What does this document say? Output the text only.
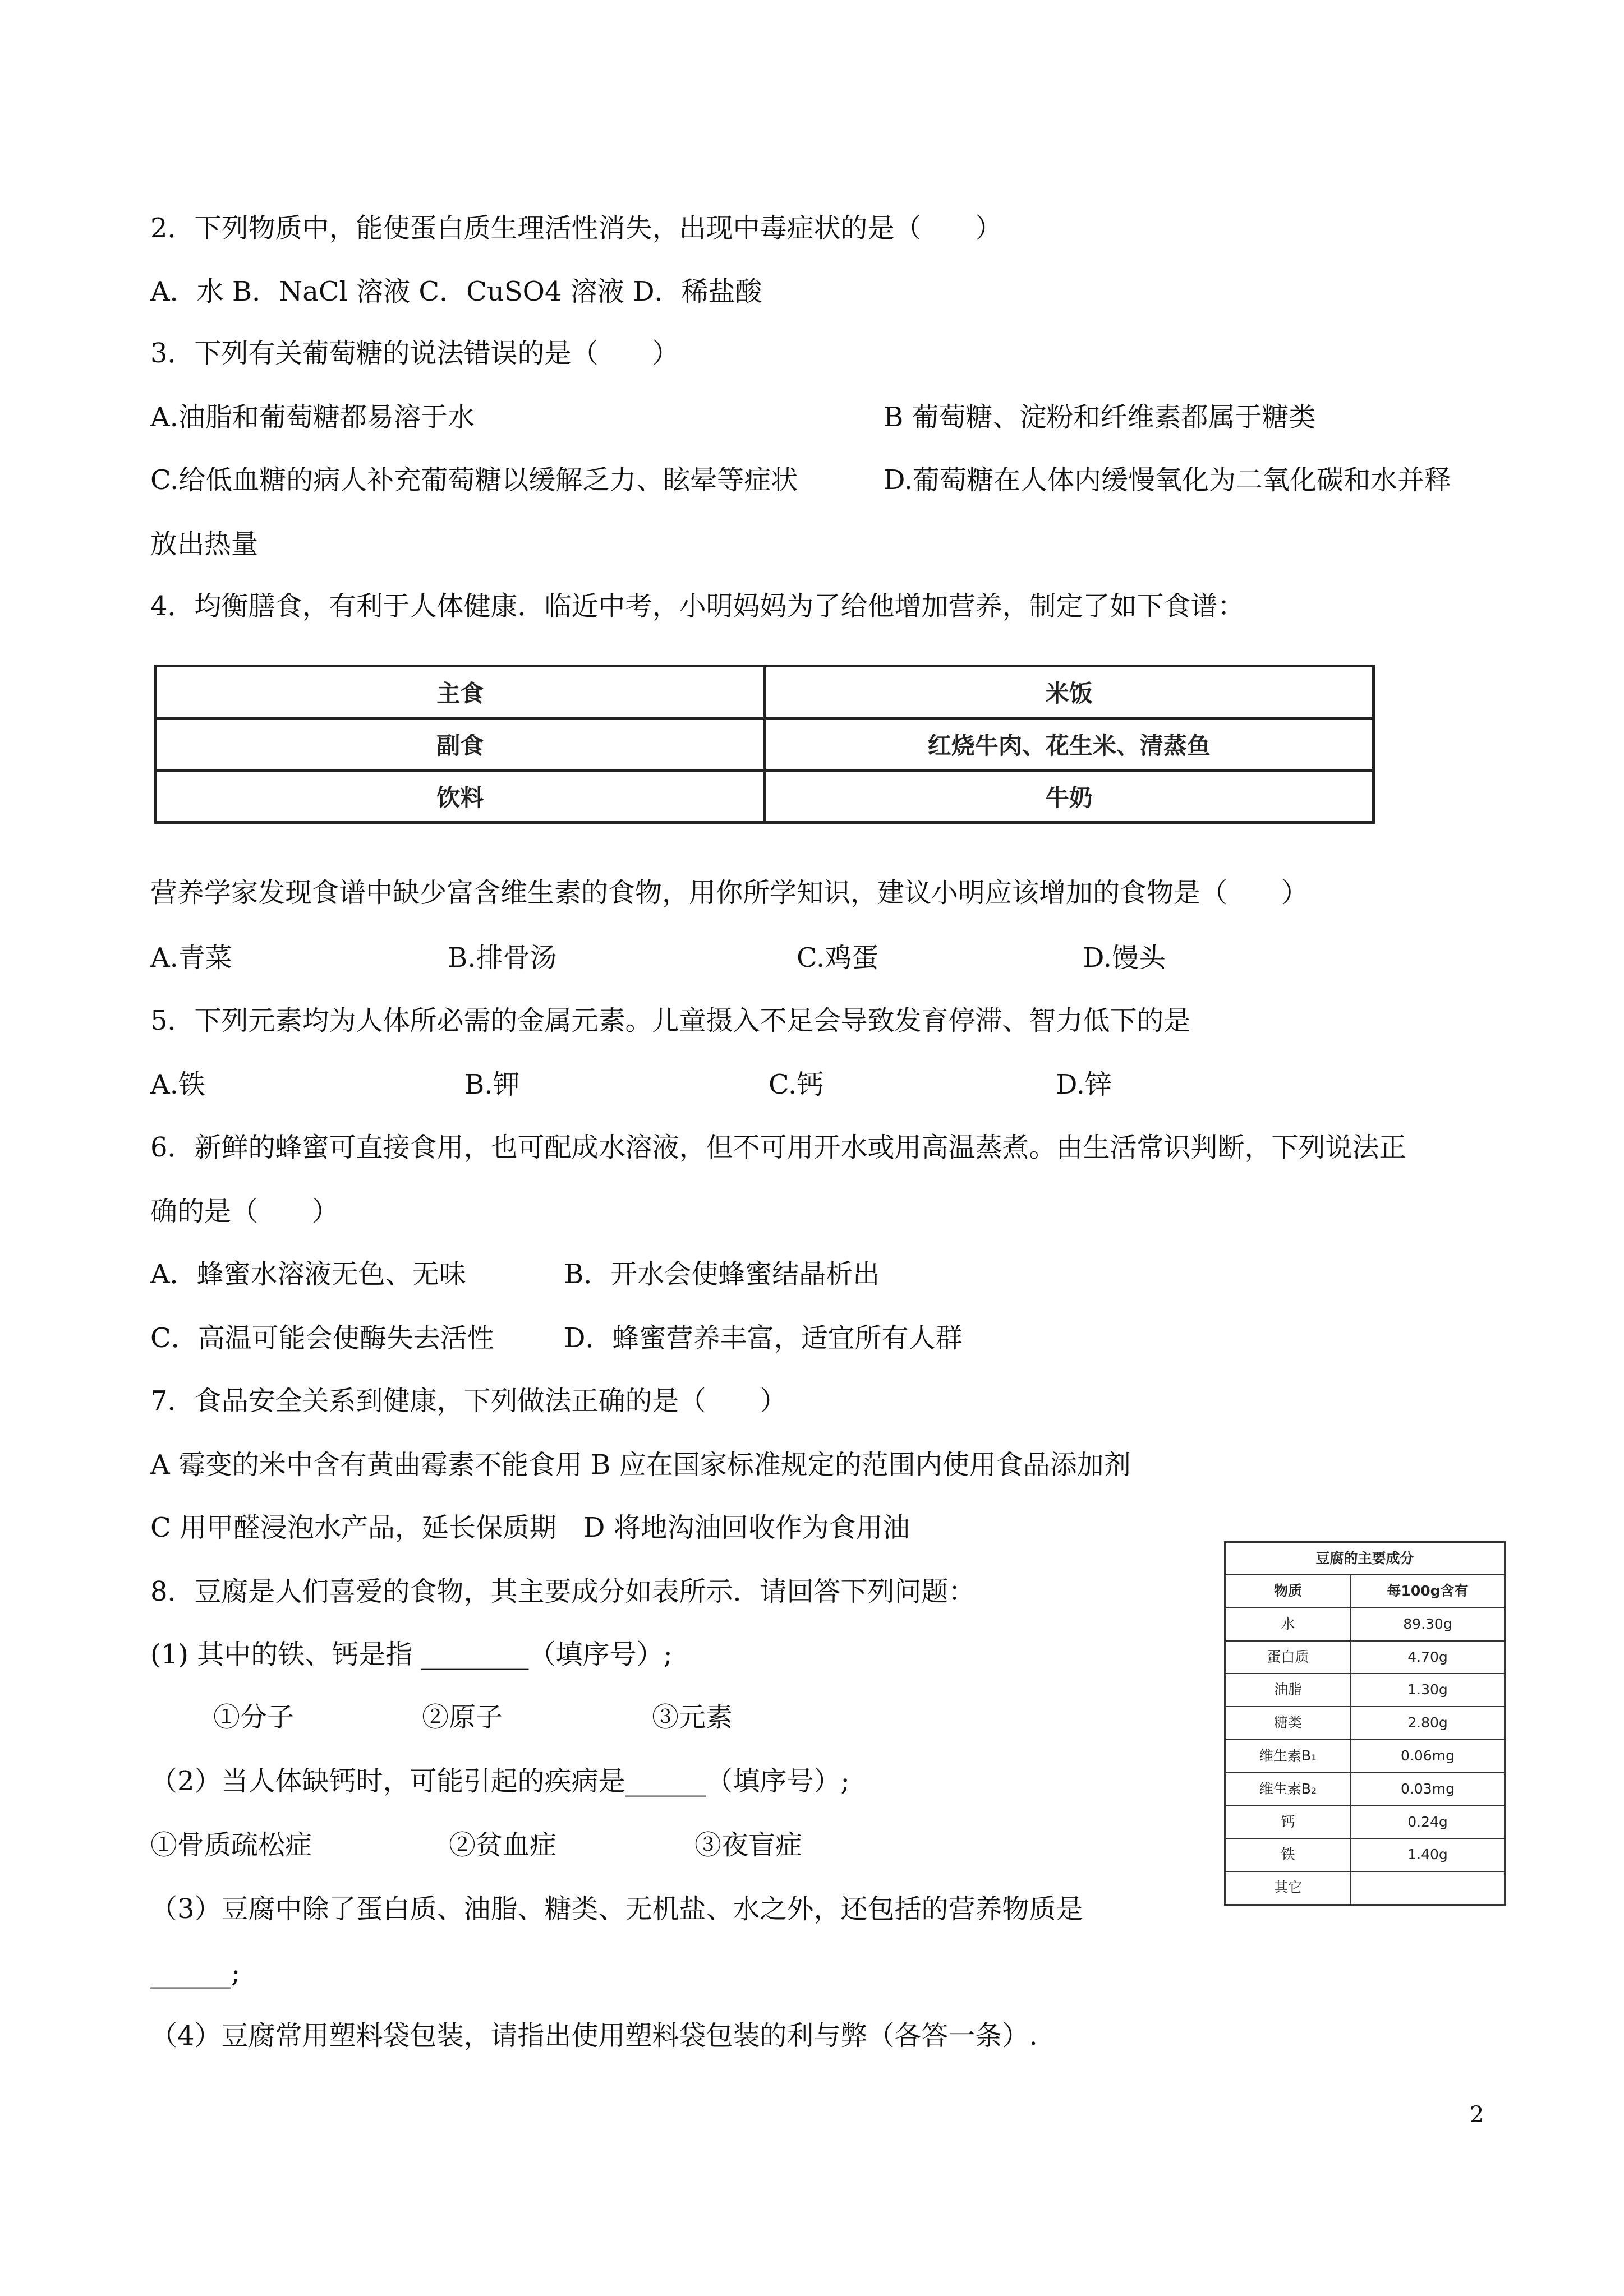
2．下列物质中，能使蛋白质生理活性消失，出现中毒症状的是（　　）
A．水 B．NaCl 溶液 C．CuSO4 溶液 D．稀盐酸
3．下列有关葡萄糖的说法错误的是（　　）
A.油脂和葡萄糖都易溶于水	B 葡萄糖、淀粉和纤维素都属于糖类
C.给低血糖的病人补充葡萄糖以缓解乏力、眩晕等症状	D.葡萄糖在人体内缓慢氧化为二氧化碳和水并释
放出热量
4．均衡膳食，有利于人体健康．临近中考，小明妈妈为了给他增加营养，制定了如下食谱：
主食	米饭
副食	红烧牛肉、花生米、清蒸鱼
饮料	牛奶
营养学家发现食谱中缺少富含维生素的食物，用你所学知识，建议小明应该增加的食物是（　　）
A.青菜	B.排骨汤	C.鸡蛋	D.馒头
5．下列元素均为人体所必需的金属元素。儿童摄入不足会导致发育停滞、智力低下的是
A.铁	B.钾	C.钙	D.锌
6．新鲜的蜂蜜可直接食用，也可配成水溶液，但不可用开水或用高温蒸煮。由生活常识判断，下列说法正
确的是（　　）
A．蜂蜜水溶液无色、无味	B．开水会使蜂蜜结晶析出
C．高温可能会使酶失去活性	D．蜂蜜营养丰富，适宜所有人群
7．食品安全关系到健康，下列做法正确的是（　　）
A 霉变的米中含有黄曲霉素不能食用 B 应在国家标准规定的范围内使用食品添加剂
C 用甲醛浸泡水产品，延长保质期　D 将地沟油回收作为食用油
8．豆腐是人们喜爱的食物，其主要成分如表所示．请回答下列问题：
(1) 其中的铁、钙是指 ________（填序号）;
①分子	②原子	③元素
（2）当人体缺钙时，可能引起的疾病是______（填序号）;
①骨质疏松症	②贫血症	③夜盲症
（3）豆腐中除了蛋白质、油脂、糖类、无机盐、水之外，还包括的营养物质是
______;
（4）豆腐常用塑料袋包装，请指出使用塑料袋包装的利与弊（各答一条）.
豆腐的主要成分
物质	每100g含有
水	89.30g
蛋白质	4.70g
油脂	1.30g
糖类	2.80g
维生素B₁	0.06mg
维生素B₂	0.03mg
钙	0.24g
铁	1.40g
其它
2
